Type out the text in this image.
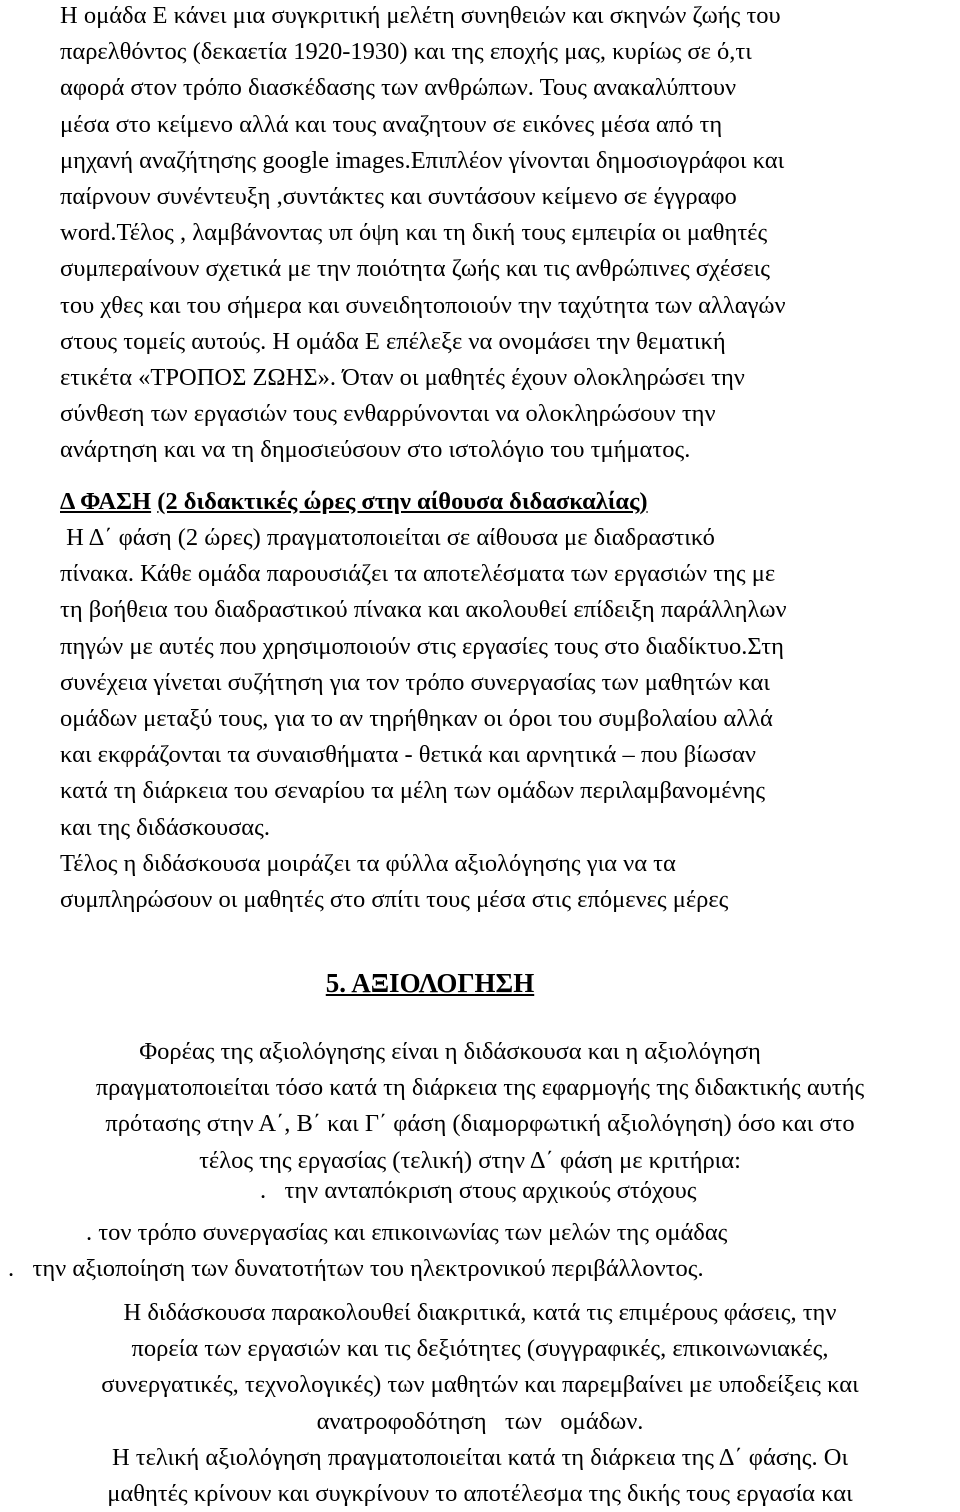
Η ομάδα Ε κάνει μια συγκριτική μελέτη συνηθειών και σκηνών ζωής του
παρελθόντος (δεκαετία 1920-1930) και της εποχής μας, κυρίως σε ό,τι
αφορά στον τρόπο διασκέδασης των ανθρώπων. Τους ανακαλύπτουν
μέσα στο κείμενο αλλά και τους αναζητουν σε εικόνες μέσα από τη
μηχανή αναζήτησης google images.Επιπλέον γίνονται δημοσιογράφοι και
παίρνουν συνέντευξη ,συντάκτες και συντάσουν κείμενο σε έγγραφο
word.Τέλος , λαμβάνοντας υπ όψη και τη δική τους εμπειρία οι μαθητές
συμπεραίνουν σχετικά με την ποιότητα ζωής και τις ανθρώπινες σχέσεις
του χθες και του σήμερα και συνειδητοποιούν την ταχύτητα των αλλαγών
στους τομείς αυτούς. Η ομάδα Ε επέλεξε να ονομάσει την θεματική
ετικέτα «ΤΡΟΠΟΣ ΖΩΗΣ». Όταν οι μαθητές έχουν ολοκληρώσει την
σύνθεση των εργασιών τους ενθαρρύνονται να ολοκληρώσουν την
ανάρτηση και να τη δημοσιεύσουν στο ιστολόγιο του τμήματος.
Δ ΦΑΣΗ (2 διδακτικές ώρες στην αίθουσα διδασκαλίας)
Η Δ΄ φάση (2 ώρες) πραγματοποιείται σε αίθουσα με διαδραστικό
πίνακα. Κάθε ομάδα παρουσιάζει τα αποτελέσματα των εργασιών της με
τη βοήθεια του διαδραστικού πίνακα και ακολουθεί επίδειξη παράλληλων
πηγών με αυτές που χρησιμοποιούν στις εργασίες τους στο διαδίκτυο.Στη
συνέχεια γίνεται συζήτηση για τον τρόπο συνεργασίας των μαθητών και
ομάδων μεταξύ τους, για το αν τηρήθηκαν οι όροι του συμβολαίου αλλά
και εκφράζονται τα συναισθήματα - θετικά και αρνητικά – που βίωσαν
κατά τη διάρκεια του σεναρίου τα μέλη των ομάδων περιλαμβανομένης
και της διδάσκουσας.
Τέλος η διδάσκουσα μοιράζει τα φύλλα αξιολόγησης για να τα
συμπληρώσουν οι μαθητές στο σπίτι τους μέσα στις επόμενες μέρες
5. ΑΞΙΟΛΟΓΗΣΗ
Φορέας της αξιολόγησης είναι η διδάσκουσα και η αξιολόγηση
πραγματοποιείται τόσο κατά τη διάρκεια της εφαρμογής της διδακτικής αυτής
πρότασης στην Α΄, Β΄ και Γ΄ φάση (διαμορφωτική αξιολόγηση) όσο και στο
τέλος της εργασίας (τελική) στην Δ΄ φάση με κριτήρια:
.   την ανταπόκριση στους αρχικούς στόχους
. τον τρόπο συνεργασίας και επικοινωνίας των μελών της ομάδας
.   την αξιοποίηση των δυνατοτήτων του ηλεκτρονικού περιβάλλοντος.
Η διδάσκουσα παρακολουθεί διακριτικά, κατά τις επιμέρους φάσεις, την
πορεία των εργασιών και τις δεξιότητες (συγγραφικές, επικοινωνιακές,
συνεργατικές, τεχνολογικές) των μαθητών και παρεμβαίνει με υποδείξεις και
ανατροφοδότηση   των   ομάδων.
Η τελική αξιολόγηση πραγματοποιείται κατά τη διάρκεια της Δ΄ φάσης. Οι
μαθητές κρίνουν και συγκρίνουν το αποτέλεσμα της δικής τους εργασία και
